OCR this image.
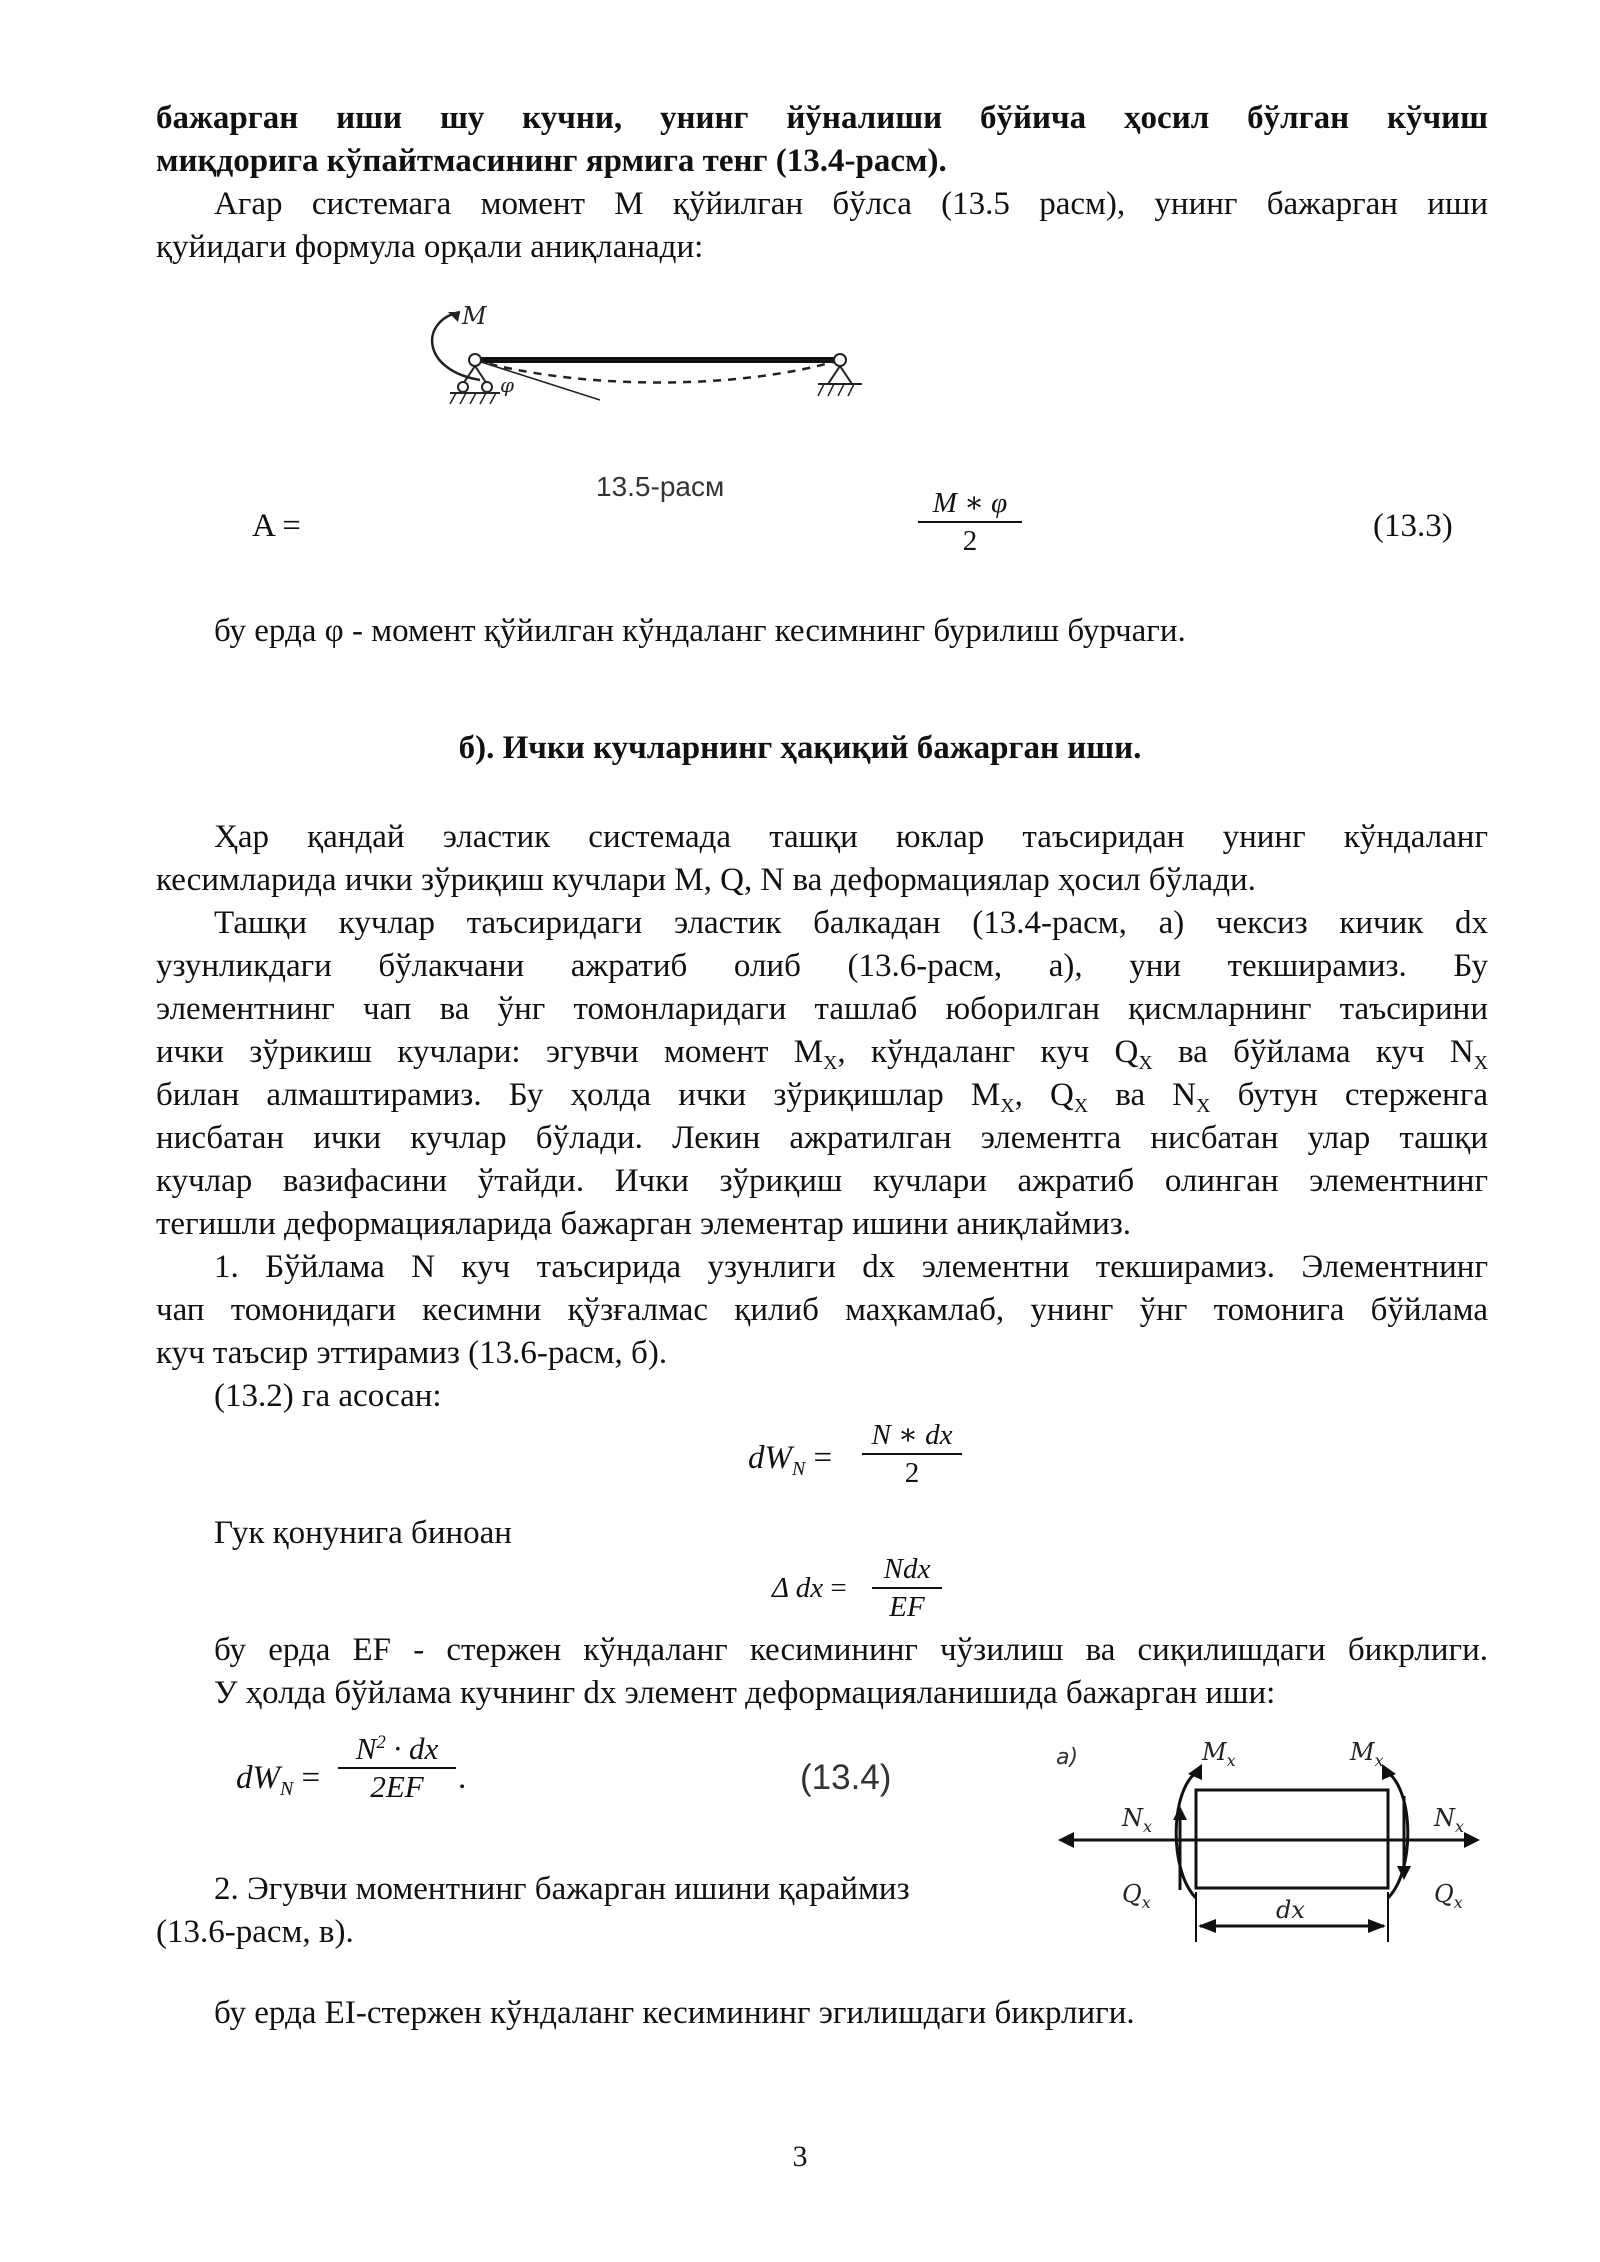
бажарган иши шу кучни, унинг йўналиши бўйича ҳосил бўлган кўчиш

миқдорига кўпайтмасининг ярмига тенг (13.4-расм).

Агар системага момент М қўйилган бўлса (13.5 расм), унинг бажарган иши

қуйидаги формула орқали аниқланади:

M
φ
13.5-расм
A =	$\frac{M ∗ \varphi}{2}$	(13.3)

бу ерда φ - момент қўйилган кўндаланг кесимнинг бурилиш бурчаги.

б). Ички кучларнинг ҳақиқий бажарган иши.

Ҳар қандай эластик системада ташқи юклар таъсиридан унинг кўндаланг

кесимларида ички зўриқиш кучлари M, Q, N ва деформациялар ҳосил бўлади.

Ташқи кучлар таъсиридаги эластик балкадан (13.4-расм, а) чексиз кичик dx

узунликдаги бўлакчани ажратиб олиб (13.6-расм, а), уни текширамиз. Бу

элементнинг чап ва ўнг томонларидаги ташлаб юборилган қисмларнинг таъсирини

ички зўрикиш кучлари: эгувчи момент $M_X$, кўндаланг куч $Q_X$ ва бўйлама куч $N_X$

билан алмаштирамиз. Бу ҳолда ички зўриқишлар $M_X$, $Q_X$ ва $N_X$ бутун стерженга

нисбатан ички кучлар бўлади. Лекин ажратилган элементга нисбатан улар ташқи

кучлар вазифасини ўтайди. Ички зўриқиш кучлари ажратиб олинган элементнинг

тегишли деформацияларида бажарган элементар ишини аниқлаймиз.

1. Бўйлама N куч таъсирида узунлиги dx элементни текширамиз. Элементнинг

чап томонидаги кесимни қўзғалмас қилиб маҳкамлаб, унинг ўнг томонига бўйлама

куч таъсир эттирамиз (13.6-расм, б).

(13.2) га асосан:

$dW_N = \frac{N ∗ dx}{2}$

Гук қонунига биноан

Δ dx =
Ndx
EF

бу ерда EF - стержен кўндаланг кесимининг чўзилиш ва сиқилишдаги бикрлиги.

У ҳолда бўйлама кучнинг dx элемент деформацияланишида бажарган иши:

$dW_N = \frac{N^2 \cdot dx}{2EF}$ .	(13.4)
a)	$M_x$	$M_x$
$N_x$	$N_x$
$Q_x$	$Q_x$
dx

2. Эгувчи моментнинг бажарган ишини қараймиз

(13.6-расм, в).

бу ерда EI-стержен кўндаланг кесимининг эгилишдаги бикрлиги.

3
